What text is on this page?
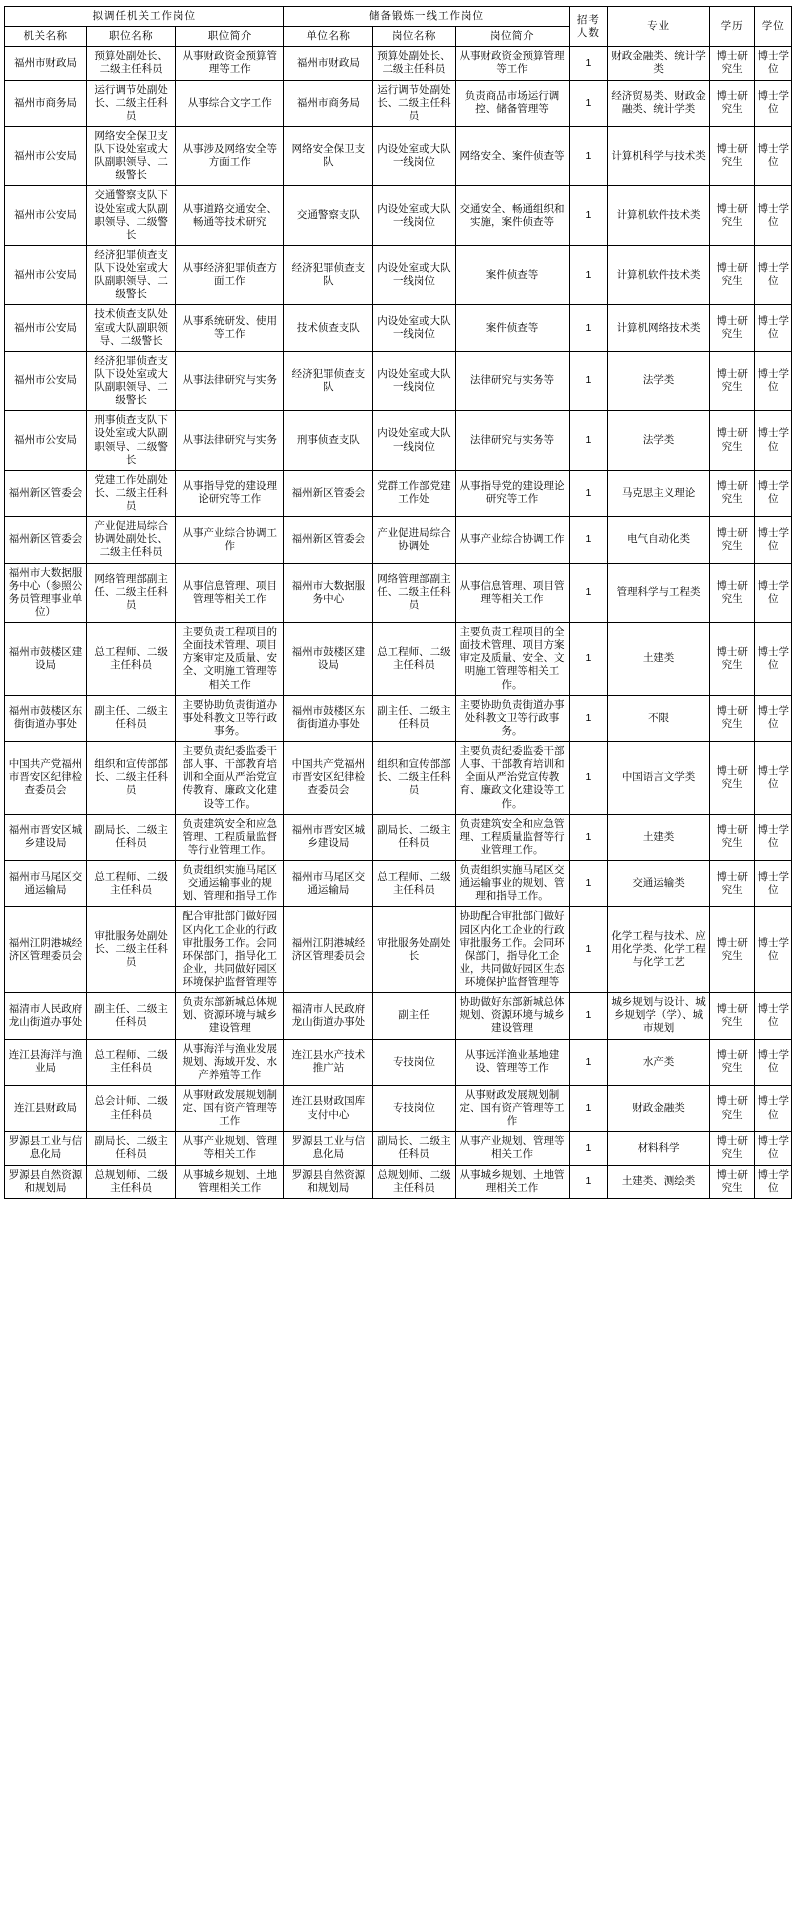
拟调任机关工作岗位			储备锻炼一线工作岗位			招考人数	专业	学历	学位
机关名称	职位名称	职位简介	单位名称	岗位名称	岗位简介				
福州市财政局	预算处副处长、二级主任科员	从事财政资金预算管理等工作	福州市财政局	预算处副处长、二级主任科员	从事财政资金预算管理等工作	1	财政金融类、统计学类	博士研究生	博士学位
福州市商务局	运行调节处副处长、二级主任科员	从事综合文字工作	福州市商务局	运行调节处副处长、二级主任科员	负责商品市场运行调控、储备管理等	1	经济贸易类、财政金融类、统计学类	博士研究生	博士学位
福州市公安局	网络安全保卫支队下设处室或大队副职领导、二级警长	从事涉及网络安全等方面工作	网络安全保卫支队	内设处室或大队一线岗位	网络安全、案件侦查等	1	计算机科学与技术类	博士研究生	博士学位
福州市公安局	交通警察支队下设处室或大队副职领导、二级警长	从事道路交通安全、畅通等技术研究	交通警察支队	内设处室或大队一线岗位	交通安全、畅通组织和实施，案件侦查等	1	计算机软件技术类	博士研究生	博士学位
福州市公安局	经济犯罪侦查支队下设处室或大队副职领导、二级警长	从事经济犯罪侦查方面工作	经济犯罪侦查支队	内设处室或大队一线岗位	案件侦查等	1	计算机软件技术类	博士研究生	博士学位
福州市公安局	技术侦查支队处室或大队副职领导、二级警长	从事系统研发、使用等工作	技术侦查支队	内设处室或大队一线岗位	案件侦查等	1	计算机网络技术类	博士研究生	博士学位
福州市公安局	经济犯罪侦查支队下设处室或大队副职领导、二级警长	从事法律研究与实务	经济犯罪侦查支队	内设处室或大队一线岗位	法律研究与实务等	1	法学类	博士研究生	博士学位
福州市公安局	刑事侦查支队下设处室或大队副职领导、二级警长	从事法律研究与实务	刑事侦查支队	内设处室或大队一线岗位	法律研究与实务等	1	法学类	博士研究生	博士学位
福州新区管委会	党建工作处副处长、二级主任科员	从事指导党的建设理论研究等工作	福州新区管委会	党群工作部党建工作处	从事指导党的建设理论研究等工作	1	马克思主义理论	博士研究生	博士学位
福州新区管委会	产业促进局综合协调处副处长、二级主任科员	从事产业综合协调工作	福州新区管委会	产业促进局综合协调处	从事产业综合协调工作	1	电气自动化类	博士研究生	博士学位
福州市大数据服务中心（参照公务员管理事业单位）	网络管理部副主任、二级主任科员	从事信息管理、项目管理等相关工作	福州市大数据服务中心	网络管理部副主任、二级主任科员	从事信息管理、项目管理等相关工作	1	管理科学与工程类	博士研究生	博士学位
福州市鼓楼区建设局	总工程师、二级主任科员	主要负责工程项目的全面技术管理、项目方案审定及质量、安全、文明施工管理等相关工作	福州市鼓楼区建设局	总工程师、二级主任科员	主要负责工程项目的全面技术管理、项目方案审定及质量、安全、文明施工管理等相关工作。	1	土建类	博士研究生	博士学位
福州市鼓楼区东街街道办事处	副主任、二级主任科员	主要协助负责街道办事处科教文卫等行政事务。	福州市鼓楼区东街街道办事处	副主任、二级主任科员	主要协助负责街道办事处科教文卫等行政事务。	1	不限	博士研究生	博士学位
中国共产党福州市晋安区纪律检查委员会	组织和宣传部部长、二级主任科员	主要负责纪委监委干部人事、干部教育培训和全面从严治党宣传教育、廉政文化建设等工作。	中国共产党福州市晋安区纪律检查委员会	组织和宣传部部长、二级主任科员	主要负责纪委监委干部人事、干部教育培训和全面从严治党宣传教育、廉政文化建设等工作。	1	中国语言文学类	博士研究生	博士学位
福州市晋安区城乡建设局	副局长、二级主任科员	负责建筑安全和应急管理、工程质量监督等行业管理工作。	福州市晋安区城乡建设局	副局长、二级主任科员	负责建筑安全和应急管理、工程质量监督等行业管理工作。	1	土建类	博士研究生	博士学位
福州市马尾区交通运输局	总工程师、二级主任科员	负责组织实施马尾区交通运输事业的规划、管理和指导工作	福州市马尾区交通运输局	总工程师、二级主任科员	负责组织实施马尾区交通运输事业的规划、管理和指导工作。	1	交通运输类	博士研究生	博士学位
福州江阴港城经济区管理委员会	审批服务处副处长、二级主任科员	配合审批部门做好园区内化工企业的行政审批服务工作。会同环保部门，指导化工企业，共同做好园区环境保护监督管理等	福州江阴港城经济区管理委员会	审批服务处副处长	协助配合审批部门做好园区内化工企业的行政审批服务工作。会同环保部门，指导化工企业，共同做好园区生态环境保护监督管理等	1	化学工程与技术、应用化学类、化学工程与化学工艺	博士研究生	博士学位
福清市人民政府龙山街道办事处	副主任、二级主任科员	负责东部新城总体规划、资源环境与城乡建设管理	福清市人民政府龙山街道办事处	副主任	协助做好东部新城总体规划、资源环境与城乡建设管理	1	城乡规划与设计、城乡规划学（学）、城市规划	博士研究生	博士学位
连江县海洋与渔业局	总工程师、二级主任科员	从事海洋与渔业发展规划、海域开发、水产养殖等工作	连江县水产技术推广站	专技岗位	从事远洋渔业基地建设、管理等工作	1	水产类	博士研究生	博士学位
连江县财政局	总会计师、二级主任科员	从事财政发展规划制定、国有资产管理等工作	连江县财政国库支付中心	专技岗位	从事财政发展规划制定、国有资产管理等工作	1	财政金融类	博士研究生	博士学位
罗源县工业与信息化局	副局长、二级主任科员	从事产业规划、管理等相关工作	罗源县工业与信息化局	副局长、二级主任科员	从事产业规划、管理等相关工作	1	材料科学	博士研究生	博士学位
罗源县自然资源和规划局	总规划师、二级主任科员	从事城乡规划、土地管理相关工作	罗源县自然资源和规划局	总规划师、二级主任科员	从事城乡规划、土地管理相关工作	1	土建类、测绘类	博士研究生	博士学位
